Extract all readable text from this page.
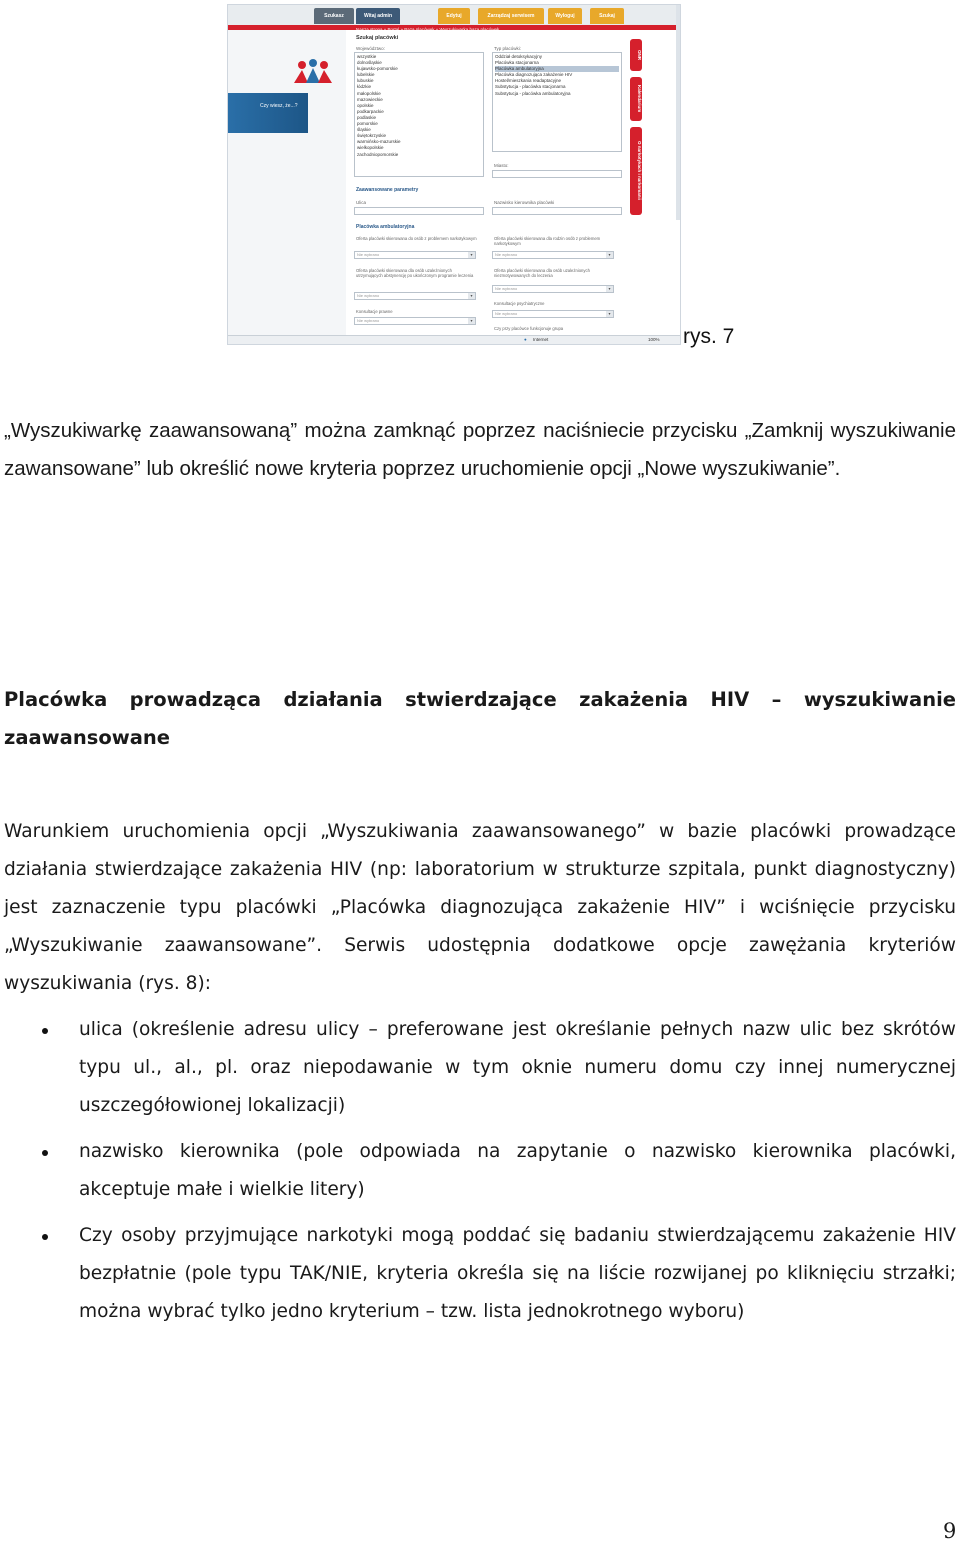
Szukasz	Witaj admin	Edytuj	Zarządzaj serwisem	Wyloguj	Szukaj
Nasza strona » Portal » Baza placówek » Wyszukiwarka baza placówek
Czy wiesz, że...?
Szukaj placówki
Województwo:
wszystkie
dolnośląskie
kujawsko-pomorskie
lubelskie
lubuskie
łódzkie
małopolskie
mazowieckie
opolskie
podkarpackie
podlaskie
pomorskie
śląskie
świętokrzyskie
warmińsko-mazurskie
wielkopolskie
zachodniopomorskie
Typ placówki:
Oddział detoksykacyjny
Placówka stacjonarna
Placówka ambulatoryjna
Placówka diagnozująca zakażenie HIV
Hostel/mieszkania readaptacyjne
Substytucja - placówka stacjonarna
Substytucja - placówka ambulatoryjna
Miasto:
Zaawansowane parametry
Ulica	Nazwisko kierownika placówki
Placówka ambulatoryjna
Oferta placówki skierowana do osób z problemem narkotykowym
Nie wybrano	▾
Oferta placówki skierowana dla rodzin osób z problemem narkotykowym
Nie wybrano	▾
Oferta placówki skierowana dla osób uzależnionych utrzymujących abstynencję po ukończonym programie leczenia
Nie wybrano	▾
Oferta placówki skierowana dla osób uzależnionych niezmotywowanych do leczenia
Nie wybrano	▾
Konsultacje prawne
Nie wybrano	▾
Konsultacje psychiatryczne
Nie wybrano	▾
Czy przy placówce funkcjonuje grupa
ONR
Kalendarium
O narkotykach i narkomanii
● Internet	100% rys. 7

„Wyszukiwarkę zaawansowaną” można zamknąć poprzez naciśniecie przycisku „Zamknij wyszukiwanie zawansowane” lub określić nowe kryteria poprzez uruchomienie opcji „Nowe wyszukiwanie”.

Placówka prowadząca działania stwierdzające zakażenia HIV – wyszukiwanie zaawansowane

Warunkiem uruchomienia opcji „Wyszukiwania zaawansowanego” w bazie placówki prowadzące działania stwierdzające zakażenia HIV (np: laboratorium w strukturze szpitala, punkt diagnostyczny) jest zaznaczenie typu placówki „Placówka diagnozująca zakażenie HIV” i wciśnięcie przycisku „Wyszukiwanie zaawansowane”. Serwis udostępnia dodatkowe opcje zawężania kryteriów wyszukiwania (rys. 8):

ulica (określenie adresu ulicy – preferowane jest określanie pełnych nazw ulic bez skrótów typu ul., al., pl. oraz niepodawanie w tym oknie numeru domu czy innej numerycznej uszczegółowionej lokalizacji)
nazwisko kierownika (pole odpowiada na zapytanie o nazwisko kierownika placówki, akceptuje małe i wielkie litery)
Czy osoby przyjmujące narkotyki mogą poddać się badaniu stwierdzającemu zakażenie HIV bezpłatnie (pole typu TAK/NIE, kryteria określa się na liście rozwijanej po kliknięciu strzałki; można wybrać tylko jedno kryterium – tzw. lista jednokrotnego wyboru)
9
